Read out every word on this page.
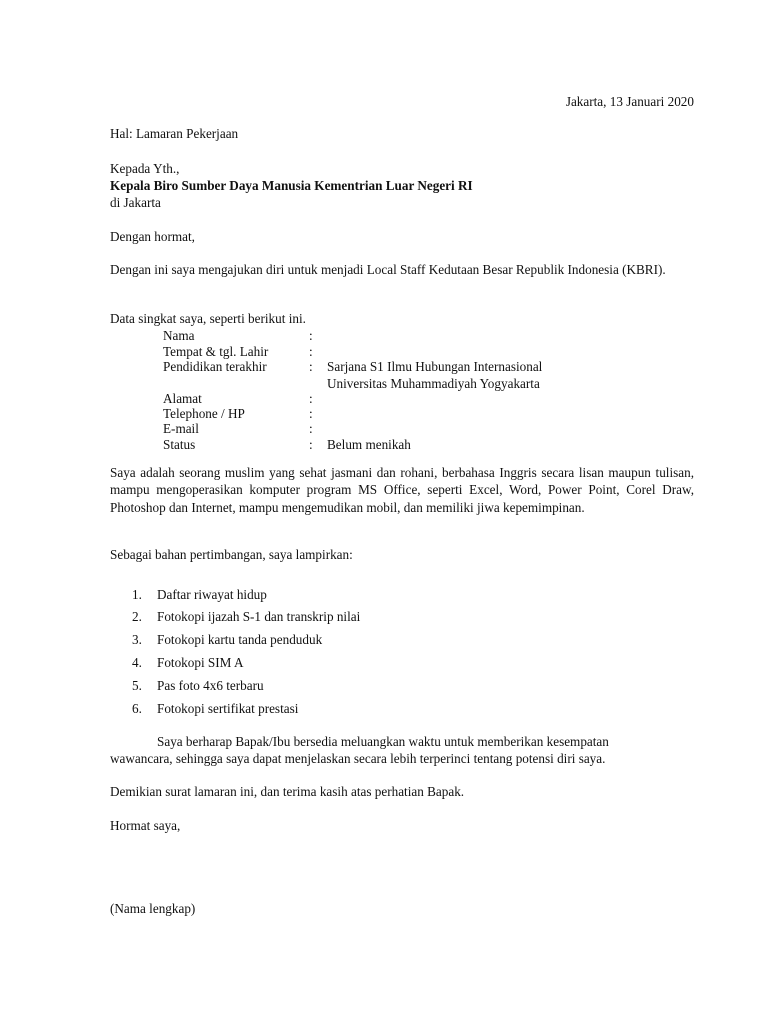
Jakarta, 13 Januari 2020
Hal: Lamaran Pekerjaan
Kepada Yth.,
Kepala Biro Sumber Daya Manusia Kementrian Luar Negeri RI
di Jakarta
Dengan hormat,
Dengan ini saya mengajukan diri untuk menjadi Local Staff Kedutaan Besar Republik Indonesia (KBRI).
Data singkat saya, seperti berikut ini.
Nama	:
Tempat & tgl. Lahir	:
Pendidikan terakhir	: Sarjana S1 Ilmu Hubungan Internasional
Universitas Muhammadiyah Yogyakarta
Alamat	:
Telephone / HP	:
E-mail	:
Status	: Belum menikah
Saya adalah seorang muslim yang sehat jasmani dan rohani, berbahasa Inggris secara lisan maupun tulisan, mampu mengoperasikan komputer program MS Office, seperti Excel, Word, Power Point, Corel Draw, Photoshop dan Internet, mampu mengemudikan mobil, dan memiliki jiwa kepemimpinan.
Sebagai bahan pertimbangan, saya lampirkan:
1. Daftar riwayat hidup
2. Fotokopi ijazah S-1 dan transkrip nilai
3. Fotokopi kartu tanda penduduk
4. Fotokopi SIM A
5. Pas foto 4x6 terbaru
6. Fotokopi sertifikat prestasi
Saya berharap Bapak/Ibu bersedia meluangkan waktu untuk memberikan kesempatan
wawancara, sehingga saya dapat menjelaskan secara lebih terperinci tentang potensi diri saya.
Demikian surat lamaran ini, dan terima kasih atas perhatian Bapak.
Hormat saya,
(Nama lengkap)
